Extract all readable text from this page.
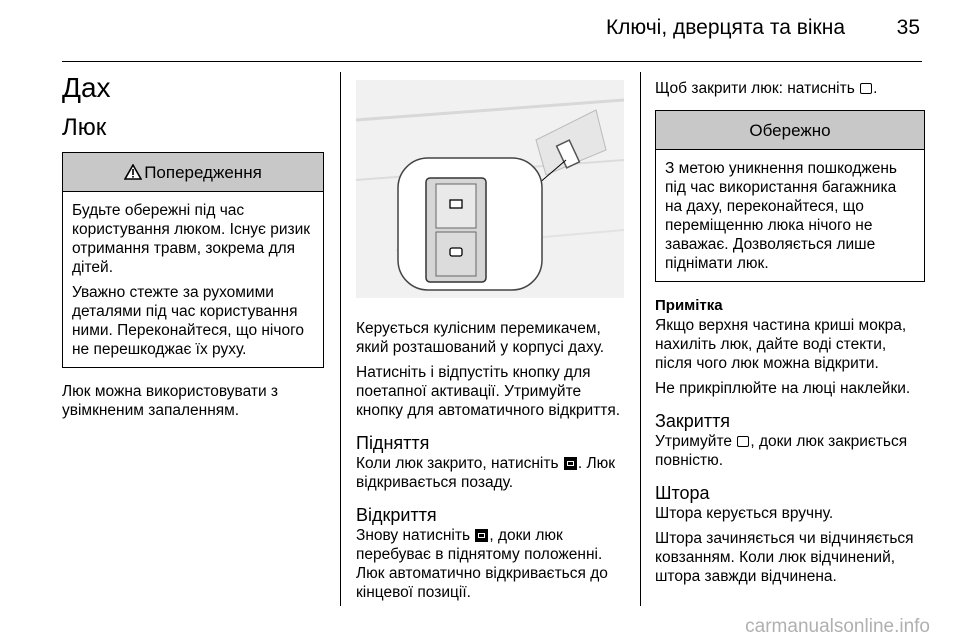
Ключі, дверцята та вікна 35
Дах
Люк
Попередження

Будьте обережні під час користування люком. Існує ризик отримання травм, зокрема для дітей.

Уважно стежте за рухомими деталями під час користування ними. Переконайтеся, що нічого не перешкоджає їх руху.

Люк можна використовувати з увімкненим запаленням.

Керується кулісним перемикачем, який розташований у корпусі даху.

Натисніть і відпустіть кнопку для поетапної активації. Утримуйте кнопку для автоматичного відкриття.

Підняття

Коли люк закрито, натисніть . Люк відкривається позаду.

Відкриття

Знову натисніть , доки люк перебуває в піднятому положенні. Люк автоматично відкривається до кінцевої позиції.

Щоб закрити люк: натисніть .

Обережно

З метою уникнення пошкоджень під час використання багажника на даху, переконайтеся, що переміщенню люка нічого не заважає. Дозволяється лише піднімати люк.

Примітка

Якщо верхня частина криші мокра, нахиліть люк, дайте воді стекти, після чого люк можна відкрити.

Не прикріплюйте на люці наклейки.

Закриття

Утримуйте , доки люк закриється повністю.

Штора

Штора керується вручну.

Штора зачиняється чи відчиняється ковзанням. Коли люк відчинений, штора завжди відчинена.

carmanualsonline.info
